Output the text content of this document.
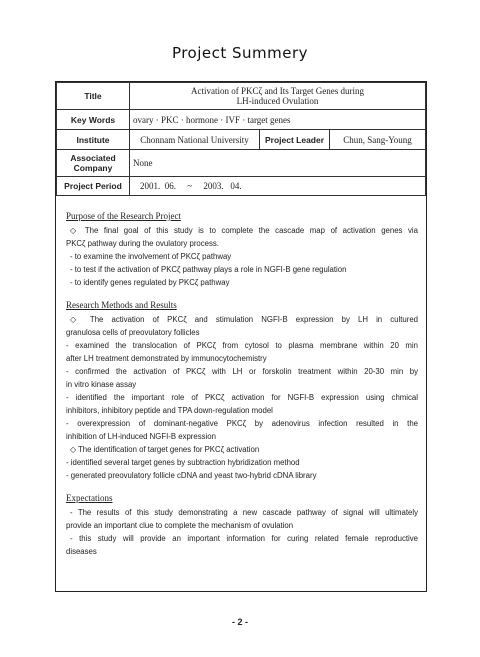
Project Summery
Title	Activation of PKCζ and Its Target Genes during
LH-induced Ovulation		

Key Words	ovary · PKC · hormone · IVF · target genes		
Institute	Chonnam National University	Project Leader	Chun, Sang-Young

Associated
Company	None		
Project Period	2001.  06.     ~     2003.   04.		
Purpose of the Research Project
◇ The final goal of this study is to complete the cascade map of activation genes via
PKCζ pathway during the ovulatory process.
- to examine the involvement of PKCζ pathway
- to test if the activation of PKCζ pathway plays a role in NGFI-B gene regulation
- to identify genes regulated by PKCζ pathway
Research Methods and Results
◇ The activation of PKCζ and stimulation NGFI-B expression by LH in cultured
granulosa cells of preovulatory follicles
- examined the translocation of PKCζ from cytosol to plasma membrane within 20 min
after LH treatment demonstrated by immunocytochemistry
- confirmed the activation of PKCζ with LH or forskolin treatment within 20-30 min by
in vitro kinase assay
- identified the important role of PKCζ activation for NGFI-B expression using chmical
inhibitors, inhibitory peptide and TPA down-regulation model
- overexpression of dominant-negative PKCζ by adenovirus infection resulted in the
inhibition of LH-induced NGFI-B expression
◇ The identification of target genes for PKCζ activation
- identified several target genes by subtraction hybridization method
- generated preovulatory follicle cDNA and yeast two-hybrid cDNA library
Expectations
- The results of this study demonstrating a new cascade pathway of signal will ultimately
provide an important clue to complete the mechanism of ovulation
- this study will provide an important information for curing related female reproductive
diseases
- 2 -
